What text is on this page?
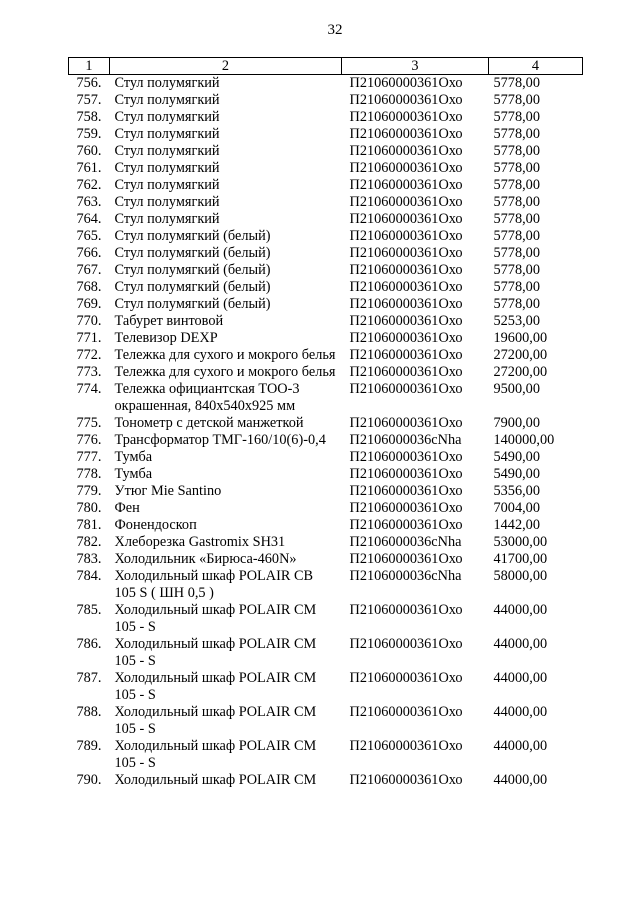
32
1	2	3	4
756.	Стул полумягкий	П21060000361Охо	5778,00
757.	Стул полумягкий	П21060000361Охо	5778,00
758.	Стул полумягкий	П21060000361Охо	5778,00
759.	Стул полумягкий	П21060000361Охо	5778,00
760.	Стул полумягкий	П21060000361Охо	5778,00
761.	Стул полумягкий	П21060000361Охо	5778,00
762.	Стул полумягкий	П21060000361Охо	5778,00
763.	Стул полумягкий	П21060000361Охо	5778,00
764.	Стул полумягкий	П21060000361Охо	5778,00
765.	Стул полумягкий (белый)	П21060000361Охо	5778,00
766.	Стул полумягкий (белый)	П21060000361Охо	5778,00
767.	Стул полумягкий (белый)	П21060000361Охо	5778,00
768.	Стул полумягкий (белый)	П21060000361Охо	5778,00
769.	Стул полумягкий (белый)	П21060000361Охо	5778,00
770.	Табурет винтовой	П21060000361Охо	5253,00
771.	Телевизор DEXP	П21060000361Охо	19600,00
772.	Тележка для сухого и мокрого белья	П21060000361Охо	27200,00
773.	Тележка для сухого и мокрого белья	П21060000361Охо	27200,00
774.	Тележка официантская ТОО-3 окрашенная, 840х540х925 мм	П21060000361Охо	9500,00
775.	Тонометр с детской манжеткой	П21060000361Охо	7900,00
776.	Трансформатор ТМГ-160/10(6)-0,4	П2106000036cNha	140000,00
777.	Тумба	П21060000361Охо	5490,00
778.	Тумба	П21060000361Охо	5490,00
779.	Утюг Mie Santino	П21060000361Охо	5356,00
780.	Фен	П21060000361Охо	7004,00
781.	Фонендоскоп	П21060000361Охо	1442,00
782.	Хлеборезка Gastromix SH31	П2106000036cNha	53000,00
783.	Холодильник «Бирюса-460N»	П21060000361Охо	41700,00
784.	Холодильный шкаф POLAIR CB 105 S ( ШН 0,5 )	П2106000036cNha	58000,00
785.	Холодильный шкаф POLAIR CM 105 - S	П21060000361Охо	44000,00
786.	Холодильный шкаф POLAIR CM 105 - S	П21060000361Охо	44000,00
787.	Холодильный шкаф POLAIR CM 105 - S	П21060000361Охо	44000,00
788.	Холодильный шкаф POLAIR CM 105 - S	П21060000361Охо	44000,00
789.	Холодильный шкаф POLAIR CM 105 - S	П21060000361Охо	44000,00
790.	Холодильный шкаф POLAIR CM	П21060000361Охо	44000,00
